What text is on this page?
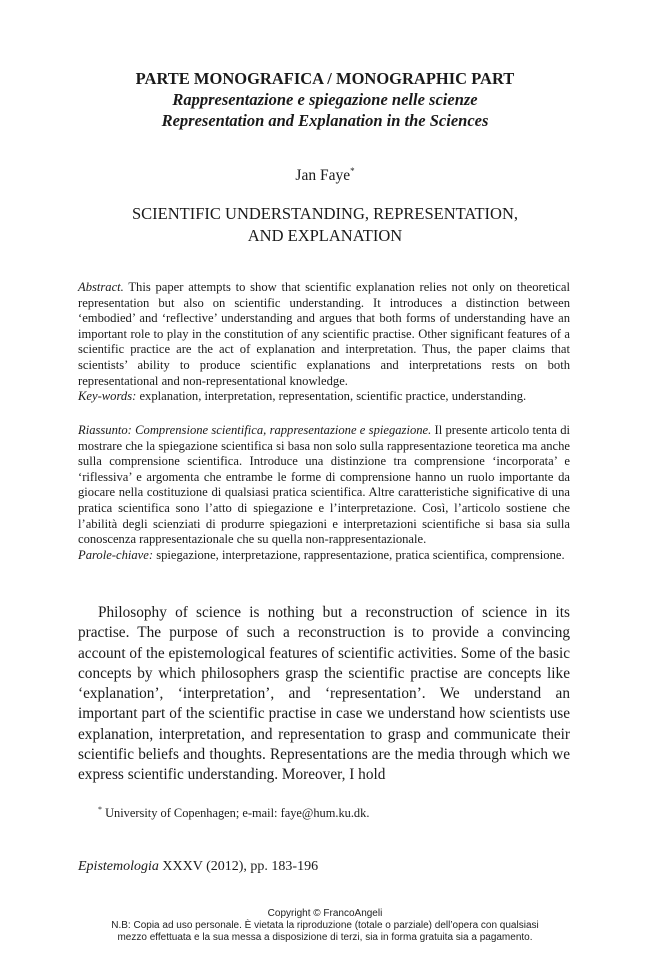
PARTE MONOGRAFICA / MONOGRAPHIC PART
Rappresentazione e spiegazione nelle scienze
Representation and Explanation in the Sciences
Jan Faye*
SCIENTIFIC UNDERSTANDING, REPRESENTATION,
AND EXPLANATION
Abstract. This paper attempts to show that scientific explanation relies not only on theoretical representation but also on scientific understanding. It introduces a distinction between ‘embodied’ and ‘reflective’ understanding and argues that both forms of understanding have an important role to play in the constitution of any scientific practise. Other significant features of a scientific practice are the act of explanation and interpretation. Thus, the paper claims that scientists’ ability to produce scientific explanations and interpretations rests on both representational and non-representational knowledge.
Key-words: explanation, interpretation, representation, scientific practice, understanding.
Riassunto: Comprensione scientifica, rappresentazione e spiegazione. Il presente articolo tenta di mostrare che la spiegazione scientifica si basa non solo sulla rappresentazione teoretica ma anche sulla comprensione scientifica. Introduce una distinzione tra comprensione ‘incorporata’ e ‘riflessiva’ e argomenta che entrambe le forme di comprensione hanno un ruolo importante da giocare nella costituzione di qualsiasi pratica scientifica. Altre caratteristiche significative di una pratica scientifica sono l’atto di spiegazione e l’interpretazione. Così, l’articolo sostiene che l’abilità degli scienziati di produrre spiegazioni e interpretazioni scientifiche si basa sia sulla conoscenza rappresentazionale che su quella non-rappresentazionale.
Parole-chiave: spiegazione, interpretazione, rappresentazione, pratica scientifica, comprensione.
Philosophy of science is nothing but a reconstruction of science in its practise. The purpose of such a reconstruction is to provide a convincing account of the epistemological features of scientific activities. Some of the basic concepts by which philosophers grasp the scientific practise are concepts like ‘explanation’, ‘interpretation’, and ‘representation’. We understand an important part of the scientific practise in case we understand how scientists use explanation, interpretation, and representation to grasp and communicate their scientific beliefs and thoughts. Representations are the media through which we express scientific understanding. Moreover, I hold
* University of Copenhagen; e-mail: faye@hum.ku.dk.
Epistemologia XXXV (2012), pp. 183-196
Copyright © FrancoAngeli
N.B: Copia ad uso personale. È vietata la riproduzione (totale o parziale) dell’opera con qualsiasi
mezzo effettuata e la sua messa a disposizione di terzi, sia in forma gratuita sia a pagamento.
